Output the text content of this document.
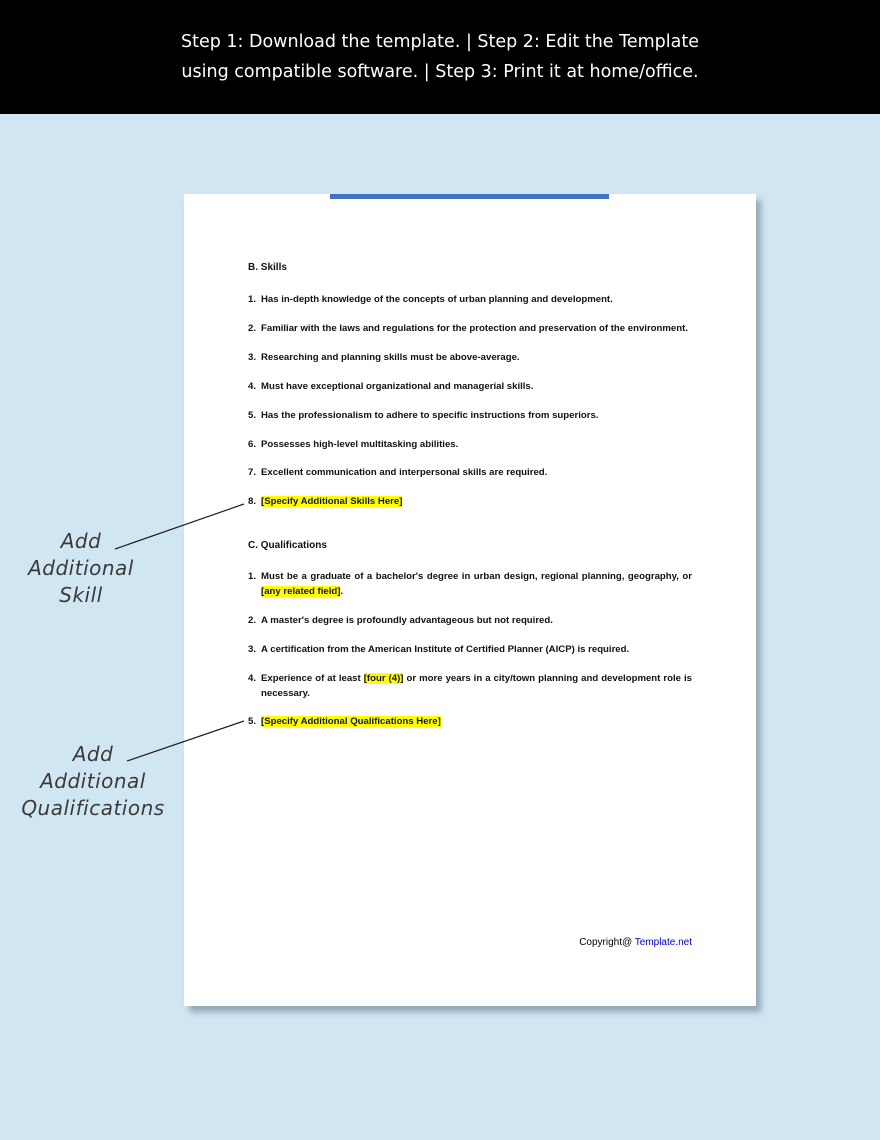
Step 1: Download the template. | Step 2: Edit the Template
using compatible software. | Step 3: Print it at home/office.
B. Skills
1. Has in-depth knowledge of the concepts of urban planning and development.
2. Familiar with the laws and regulations for the protection and preservation of the environment.
3. Researching and planning skills must be above-average.
4. Must have exceptional organizational and managerial skills.
5. Has the professionalism to adhere to specific instructions from superiors.
6. Possesses high-level multitasking abilities.
7. Excellent communication and interpersonal skills are required.
8. [Specify Additional Skills Here]
C. Qualifications
1. Must be a graduate of a bachelor's degree in urban design, regional planning, geography, or [any related field].
2. A master's degree is profoundly advantageous but not required.
3. A certification from the American Institute of Certified Planner (AICP) is required.
4. Experience of at least [four (4)] or more years in a city/town planning and development role is necessary.
5. [Specify Additional Qualifications Here]
Copyright@ Template.net
Add
Additional
Skill
Add
Additional
Qualifications
